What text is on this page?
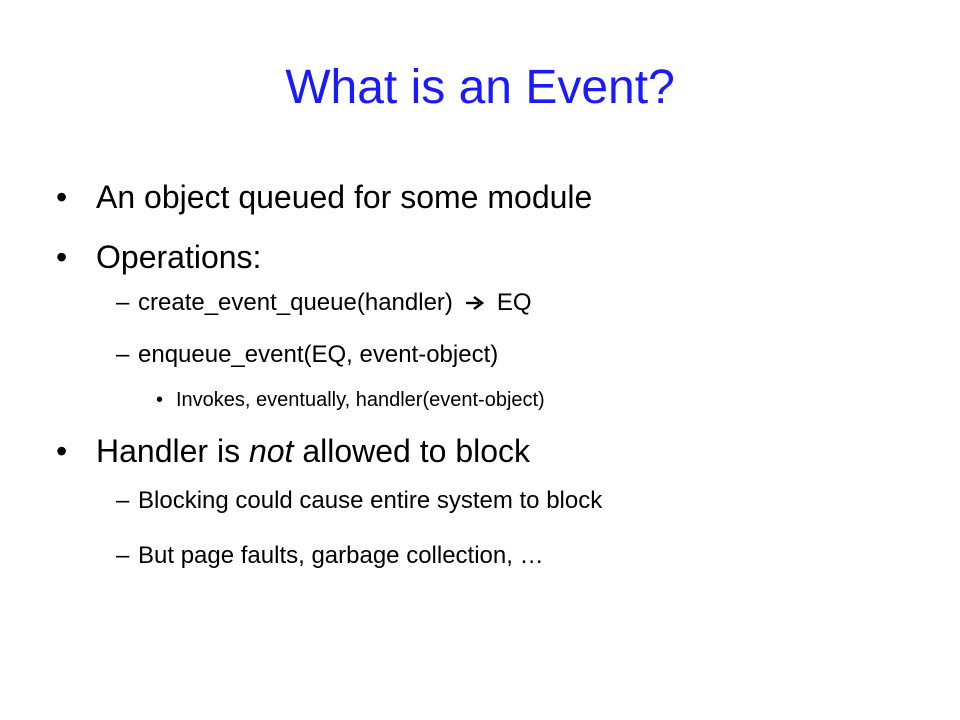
What is an Event?
• An object queued for some module
• Operations:
– create_event_queue(handler) EQ
– enqueue_event(EQ, event-object)
• Invokes, eventually, handler(event-object)
• Handler is not allowed to block
– Blocking could cause entire system to block
– But page faults, garbage collection, …
